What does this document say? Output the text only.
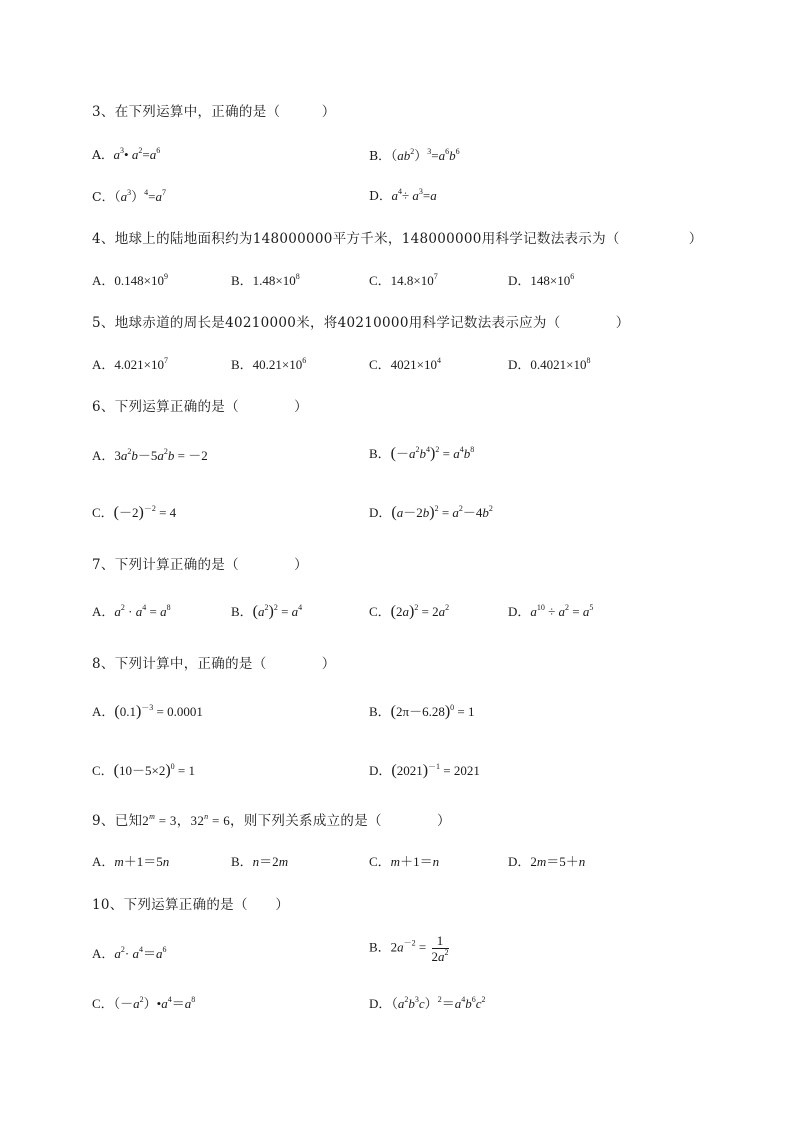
3、在下列运算中，正确的是（　　　）
A．$a^3•$ $a^2=a^6$	B．$(ab^2)^3=a^6b^6$
C．$(a^3)^4=a^7$	D．$a^4\div a^3=a$
4、地球上的陆地面积约为148000000平方千米，148000000用科学记数法表示为（　　　　　）
A．$0.148\times 10^9$	B．$1.48\times 10^8$	C．$14.8\times 10^7$	D．$148\times 10^6$
5、地球赤道的周长是40210000米，将40210000用科学记数法表示应为（　　　　）
A．$4.021\times 10^7$	B．$40.21\times 10^6$	C．$4021\times 10^4$	D．$0.4021\times 10^8$
6、下列运算正确的是（　　　　）
A．$3a^2b-5a^2b = -2$	B．$(-a^2b^4)^2 = a^4b^8$
C．$(-2)^{-2} = 4$	D．$(a-2b)^2 = a^2-4b^2$
7、下列计算正确的是（　　　　）
A．$a^2 \cdot a^4 = a^8$	B．$(a^2)^2 = a^4$	C．$(2a)^2 = 2a^2$	D．$a^{10} \div a^2 = a^5$
8、下列计算中，正确的是（　　　　）
A．$(0.1)^{-3} = 0.0001$	B．$(2\pi-6.28)^0 = 1$
C．$(10-5\times 2)^0 = 1$	D．$(2021)^{-1} = 2021$
9、已知$2^m = 3$，$32^n = 6$，则下列关系成立的是（　　　　）
A．m＋1＝5n	B．n＝2m	C．m＋1＝n	D．2m＝5＋n
10、下列运算正确的是（　　）
A．$a^2\cdot a^4=a^6$	B．$2a^{-2} = \frac{1}{2a^2}$
C．$(-a^2)•a^4=a^8$	D．$(a^2b^3c)^2=a^4b^6c^2$
